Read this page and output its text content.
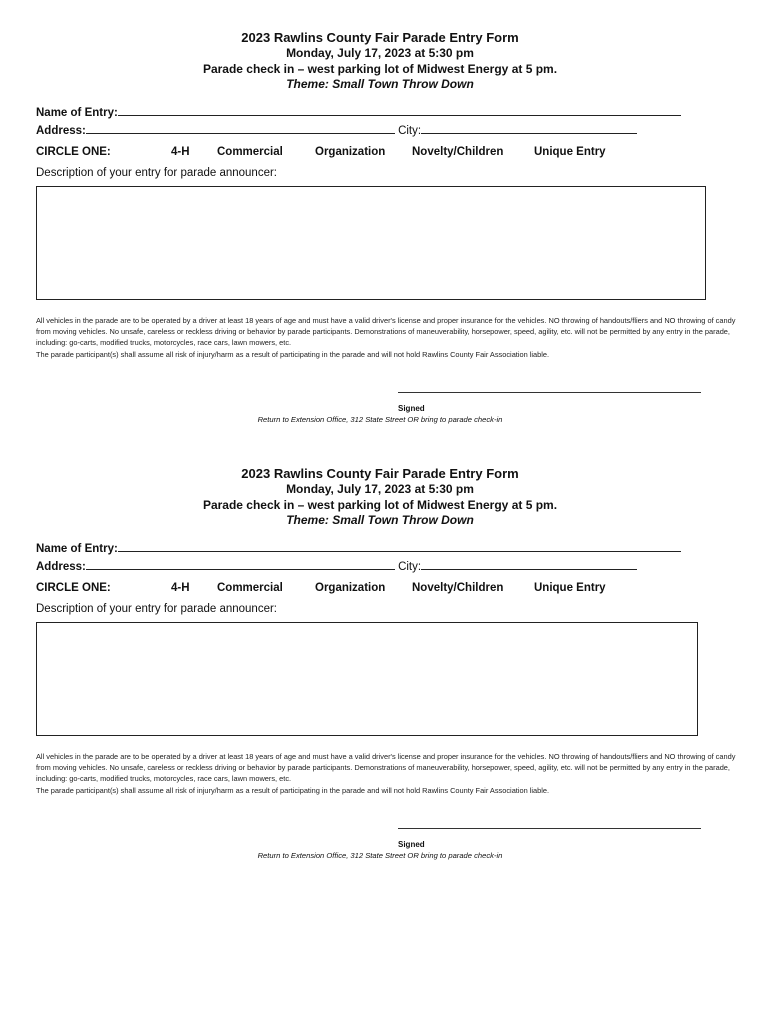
2023 Rawlins County Fair Parade Entry Form
Monday, July 17, 2023 at 5:30 pm
Parade check in – west parking lot of Midwest Energy at 5 pm.
Theme: Small Town Throw Down
Name of Entry:
Address:	City:
CIRCLE ONE:	4-H Commercial	Organization Novelty/Children	Unique Entry
Description of your entry for parade announcer:
All vehicles in the parade are to be operated by a driver at least 18 years of age and must have a valid driver's license and proper insurance for the vehicles. NO throwing of handouts/fliers and NO throwing of candy from moving vehicles. No unsafe, careless or reckless driving or behavior by parade participants. Demonstrations of maneuverability, horsepower, speed, agility, etc. will not be permitted by any entry in the parade, including: go-carts, modified trucks, motorcycles, race cars, lawn mowers, etc.
The parade participant(s) shall assume all risk of injury/harm as a result of participating in the parade and will not hold Rawlins County Fair Association liable.
Signed
Return to Extension Office, 312 State Street OR bring to parade check-in
2023 Rawlins County Fair Parade Entry Form
Monday, July 17, 2023 at 5:30 pm
Parade check in – west parking lot of Midwest Energy at 5 pm.
Theme: Small Town Throw Down
Name of Entry:
Address:	City:
CIRCLE ONE:	4-H Commercial	Organization Novelty/Children	Unique Entry
Description of your entry for parade announcer:
All vehicles in the parade are to be operated by a driver at least 18 years of age and must have a valid driver's license and proper insurance for the vehicles. NO throwing of handouts/fliers and NO throwing of candy from moving vehicles. No unsafe, careless or reckless driving or behavior by parade participants. Demonstrations of maneuverability, horsepower, speed, agility, etc. will not be permitted by any entry in the parade, including: go-carts, modified trucks, motorcycles, race cars, lawn mowers, etc.
The parade participant(s) shall assume all risk of injury/harm as a result of participating in the parade and will not hold Rawlins County Fair Association liable.
Signed
Return to Extension Office, 312 State Street OR bring to parade check-in
